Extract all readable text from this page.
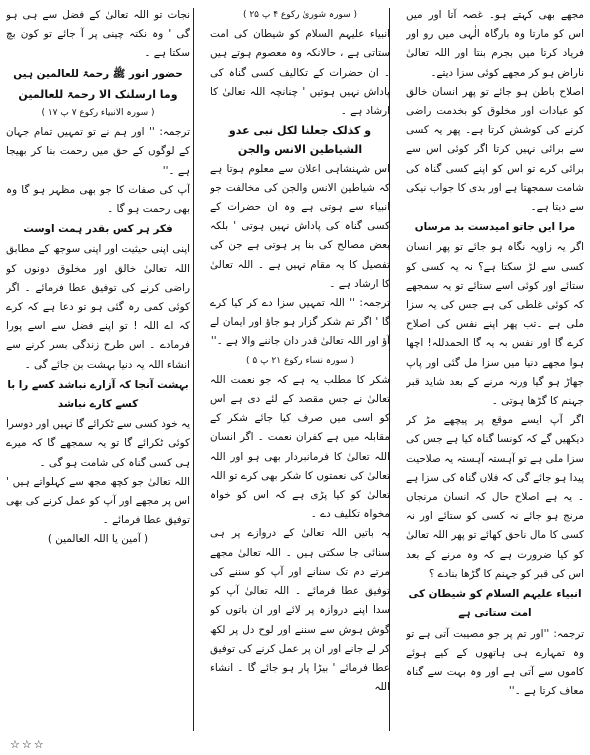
مجھے بھی کہتے ہو۔ غصہ آتا اور میں اس کو مارتا وہ بارگاہ الٰہی میں رو اور فریاد کرتا میں بجرم بنتا اور اللہ تعالیٰ ناراض ہو کر مجھے کوئی سزا دیتے۔

اصلاح باطن ہو جائے تو پھر انسان خالق کو عبادات اور مخلوق کو بخدمت راضی کرنے کی کوشش کرتا ہے۔ پھر یہ کسی سے برائی نہیں کرتا اگر کوئی اس سے برائی کرے تو اس کو اپنے کسی گناہ کی شامت سمجھتا ہے اور بدی کا جواب نیکی سے دیتا ہے۔

مرا ایں جاتو امیدست بد مرساں

اگر یہ زاویہ نگاہ ہو جائے تو پھر انسان کسی سے لڑ سکتا ہے؟ نہ یہ کسی کو ستائے اور کوئی اسے ستائے تو یہ سمجھے کہ کوئی غلطی کی ہے جس کی یہ سزا ملی ہے ۔تب پھر اپنے نفس کی اصلاح کرے گا اور نفس بہ یہ گا الحمدللہ! اچھا ہوا مجھے دنیا میں سزا مل گئی اور پاپ جھاڑ ہو گیا ورنہ مرنے کے بعد شاید قبر جہنم کا گڑھا ہوتی ۔

اگر آپ ایسے موقع پر پیچھے مڑ کر دیکھیں گے کہ کونسا گناہ کیا ہے جس کی سزا ملی ہے تو آہستہ آہستہ یہ صلاحیت پیدا ہو جائے گی کہ فلاں گناہ کی سزا ہے ۔ یہ ہے اصلاح حال کہ انسان مرنجاں مرنج ہو جائے نہ کسی کو ستائے اور نہ کسی کا مال ناحق کھائے تو پھر اللہ تعالیٰ کو کیا ضرورت ہے کہ وہ مرنے کے بعد اس کی قبر کو جہنم کا گڑھا بنادے ؟

انبیاء علیہم السلام کو شیطان کی امت ستاتی ہے

ترجمہ: ''اور تم پر جو مصیبت آتی ہے تو وہ تمہارے ہی ہاتھوں کے کیے ہوئے کاموں سے آتی ہے اور وہ بہت سے گناہ معاف کرتا ہے ۔''

( سورہ شوریٰ رکوع ۴ پ ۲۵ )

انبیاء علیہم السلام کو شیطان کی امت ستاتی ہے ، حالانکہ وہ معصوم ہوتے ہیں ۔ ان حضرات کے تکالیف کسی گناہ کی پاداش نہیں ہوتیں ' چنانچہ اللہ تعالیٰ کا ارشاد ہے ۔

و کذلک جعلنا لکل نبی عدو الشیاطین الانس والجن

اس شہنشاہی اعلان سے معلوم ہوتا ہے کہ شیاطین الانس والجن کی مخالفت جو انبیاء سے ہوتی ہے وہ ان حضرات کے کسی گناہ کی پاداش نہیں ہوتی ' بلکہ بعض مصالح کی بنا پر ہوتی ہے جن کی تفصیل کا یہ مقام نہیں ہے ۔ اللہ تعالیٰ کا ارشاد ہے ۔

ترجمہ: '' اللہ تمہیں سزا دے کر کیا کرے گا ' اگر تم شکر گزار ہو جاؤ اور ایمان لے آؤ اور اللہ تعالیٰ قدر دان جاننے والا ہے ۔''

( سورہ نساء رکوع ۲۱ پ ۵ )

شکر کا مطلب یہ ہے کہ جو نعمت اللہ تعالیٰ نے جس مقصد کے لئے دی ہے اس کو اسی میں صرف کیا جائے شکر کے مقابلہ میں ہے کفران نعمت ۔ اگر انسان اللہ تعالیٰ کا فرمانبردار بھی ہو اور اللہ تعالیٰ کی نعمتوں کا شکر بھی کرے تو اللہ تعالیٰ کو کیا پڑی ہے کہ اس کو خواہ مخواہ تکلیف دے ۔

یہ باتیں اللہ تعالیٰ کے دروازے پر ہی سنائی جا سکتی ہیں ۔ اللہ تعالیٰ مجھے مرتے دم تک سنانے اور آپ کو سننے کی توفیق عطا فرمائے ۔ اللہ تعالیٰ آپ کو سدا اپنے دروازہ پر لائے اور ان باتوں کو گوش ہوش سے سننے اور لوح دل پر لکھ کر لے جانے اور ان پر عمل کرنے کی توفیق عطا فرمائے ' بیڑا پار ہو جائے گا ۔ انشاء اللہ

نجات تو اللہ تعالیٰ کے فضل سے ہی ہو گی ' وہ نکتہ چینی پر آ جائے تو کون بچ سکتا ہے ۔

حضور انور ﷺ رحمۃ للعالمین ہیں

وما ارسلنک الا رحمۃ للعالمین

( سورہ الانبیاء رکوع ۷ پ ۱۷ )

ترجمہ: '' اور ہم نے تو تمہیں تمام جہان کے لوگوں کے حق میں رحمت بنا کر بھیجا ہے ۔''

آپ کی صفات کا جو بھی مظہر ہو گا وہ بھی رحمت ہو گا ۔

فکر ہر کس بقدر ہمت اوست

اپنی اپنی حیثیت اور اپنی سوجھ کے مطابق اللہ تعالیٰ خالق اور مخلوق دونوں کو راضی کرنے کی توفیق عطا فرمائے ۔ اگر کوئی کمی رہ گئی ہو تو دعا ہے کہ کرے کہ اے اللہ ! تو اپنے فضل سے اسے پورا فرمادے ۔ اس طرح زندگی بسر کرنے سے انشاء اللہ یہ دنیا بہشت بن جائے گی ۔

بہشت آنجا کہ آزارے نباشد کسے را با کسے کارے نباشد

یہ خود کسی سے ٹکرائے گا نہیں اور دوسرا کوئی ٹکرائے گا تو یہ سمجھے گا کہ میرے ہی کسی گناہ کی شامت ہو گی ۔

اللہ تعالیٰ جو کچھ مجھ سے کہلواتے ہیں ' اس پر مجھے اور آپ کو عمل کرنے کی بھی توفیق عطا فرمائے ۔

( آمین یا اللہ العالمین )

☆☆☆
